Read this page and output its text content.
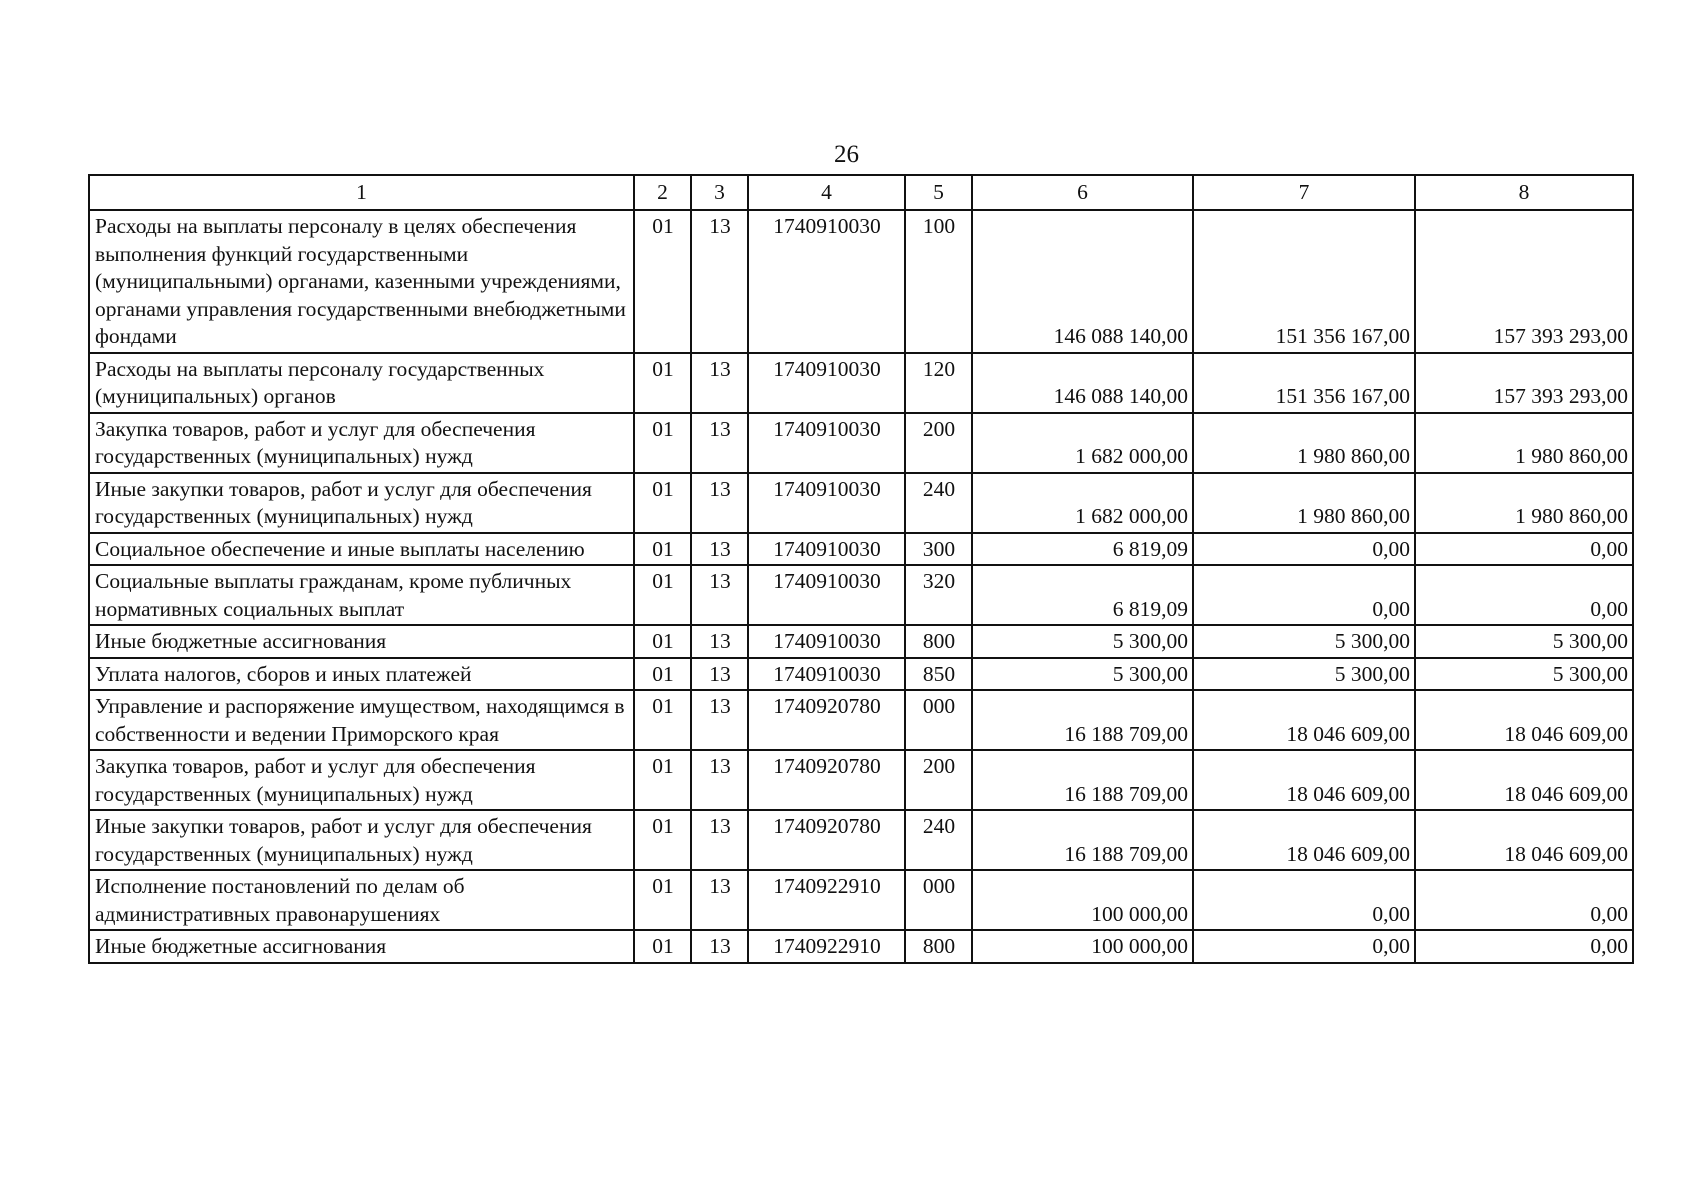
26
1	2	3	4	5	6	7	8
Расходы на выплаты персоналу в целях обеспечения выполнения функций государственными (муниципальными) органами, казенными учреждениями, органами управления государственными внебюджетными фондами	01	13	1740910030	100	146 088 140,00	151 356 167,00	157 393 293,00
Расходы на выплаты персоналу государственных (муниципальных) органов	01	13	1740910030	120	146 088 140,00	151 356 167,00	157 393 293,00
Закупка товаров, работ и услуг для обеспечения государственных (муниципальных) нужд	01	13	1740910030	200	1 682 000,00	1 980 860,00	1 980 860,00
Иные закупки товаров, работ и услуг для обеспечения государственных (муниципальных) нужд	01	13	1740910030	240	1 682 000,00	1 980 860,00	1 980 860,00
Социальное обеспечение и иные выплаты населению	01	13	1740910030	300	6 819,09	0,00	0,00
Социальные выплаты гражданам, кроме публичных нормативных социальных выплат	01	13	1740910030	320	6 819,09	0,00	0,00
Иные бюджетные ассигнования	01	13	1740910030	800	5 300,00	5 300,00	5 300,00
Уплата налогов, сборов и иных платежей	01	13	1740910030	850	5 300,00	5 300,00	5 300,00
Управление и распоряжение имуществом, находящимся в собственности и ведении Приморского края	01	13	1740920780	000	16 188 709,00	18 046 609,00	18 046 609,00
Закупка товаров, работ и услуг для обеспечения государственных (муниципальных) нужд	01	13	1740920780	200	16 188 709,00	18 046 609,00	18 046 609,00
Иные закупки товаров, работ и услуг для обеспечения государственных (муниципальных) нужд	01	13	1740920780	240	16 188 709,00	18 046 609,00	18 046 609,00
Исполнение постановлений по делам об административных правонарушениях	01	13	1740922910	000	100 000,00	0,00	0,00
Иные бюджетные ассигнования	01	13	1740922910	800	100 000,00	0,00	0,00
